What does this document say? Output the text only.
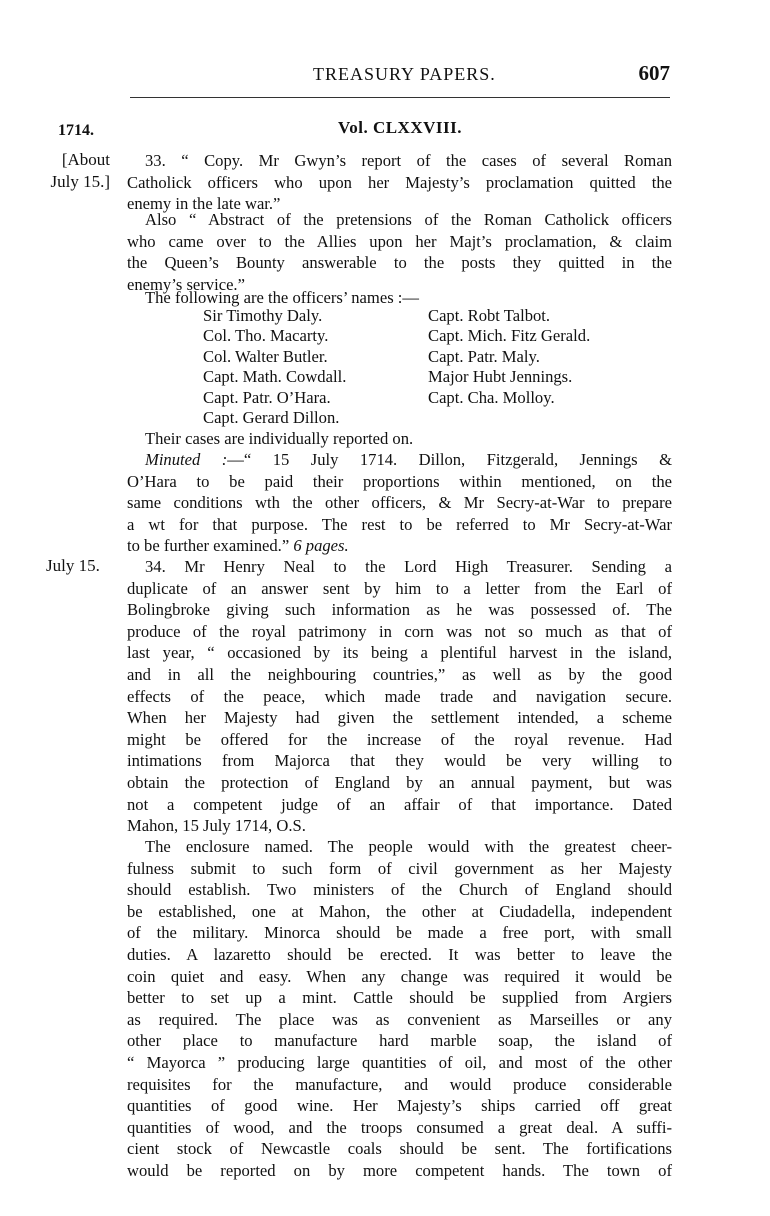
TREASURY PAPERS.	607
Vol. CLXXVIII.
1714.
[About
July 15.]
July 15.
33. “ Copy. Mr Gwyn’s report of the cases of several Roman
Catholick officers who upon her Majesty’s proclamation quitted the
enemy in the late war.”
Also “ Abstract of the pretensions of the Roman Catholick officers
who came over to the Allies upon her Majt’s proclamation, & claim
the Queen’s Bounty answerable to the posts they quitted in the
enemy’s service.”
The following are the officers’ names :—
Sir Timothy Daly.
Col. Tho. Macarty.
Col. Walter Butler.
Capt. Math. Cowdall.
Capt. Patr. O’Hara.
Capt. Gerard Dillon.
Capt. Robt Talbot.
Capt. Mich. Fitz Gerald.
Capt. Patr. Maly.
Major Hubt Jennings.
Capt. Cha. Molloy.
Their cases are individually reported on.
Minuted :—“ 15 July 1714. Dillon, Fitzgerald, Jennings &
O’Hara to be paid their proportions within mentioned, on the
same conditions wth the other officers, & Mr Secry-at-War to prepare
a wt for that purpose. The rest to be referred to Mr Secry-at-War
to be further examined.” 6 pages.
34. Mr Henry Neal to the Lord High Treasurer. Sending a
duplicate of an answer sent by him to a letter from the Earl of
Bolingbroke giving such information as he was possessed of. The
produce of the royal patrimony in corn was not so much as that of
last year, “ occasioned by its being a plentiful harvest in the island,
and in all the neighbouring countries,” as well as by the good
effects of the peace, which made trade and navigation secure.
When her Majesty had given the settlement intended, a scheme
might be offered for the increase of the royal revenue. Had
intimations from Majorca that they would be very willing to
obtain the protection of England by an annual payment, but was
not a competent judge of an affair of that importance. Dated
Mahon, 15 July 1714, O.S.
The enclosure named. The people would with the greatest cheer-
fulness submit to such form of civil government as her Majesty
should establish. Two ministers of the Church of England should
be established, one at Mahon, the other at Ciudadella, independent
of the military. Minorca should be made a free port, with small
duties. A lazaretto should be erected. It was better to leave the
coin quiet and easy. When any change was required it would be
better to set up a mint. Cattle should be supplied from Argiers
as required. The place was as convenient as Marseilles or any
other place to manufacture hard marble soap, the island of
“ Mayorca ” producing large quantities of oil, and most of the other
requisites for the manufacture, and would produce considerable
quantities of good wine. Her Majesty’s ships carried off great
quantities of wood, and the troops consumed a great deal. A suffi-
cient stock of Newcastle coals should be sent. The fortifications
would be reported on by more competent hands. The town of
